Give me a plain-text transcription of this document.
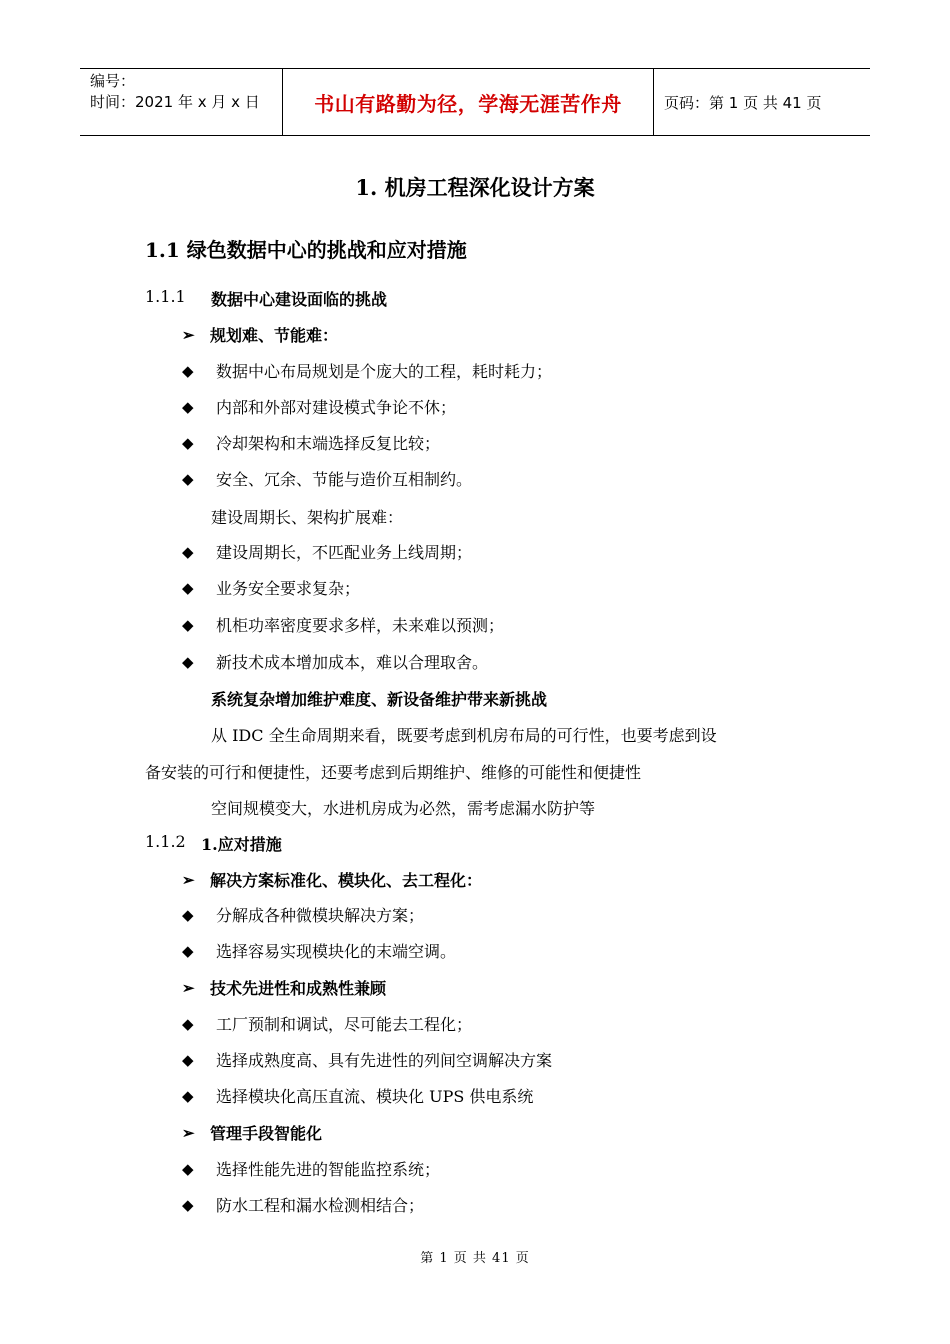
编号：
时间：2021 年 x 月 x 日	书山有路勤为径，学海无涯苦作舟	页码：第 1 页 共 41 页
1. 机房工程深化设计方案
1.1 绿色数据中心的挑战和应对措施
1.1.1	数据中心建设面临的挑战
➢ 规划难、节能难：
◆	数据中心布局规划是个庞大的工程，耗时耗力；
◆	内部和外部对建设模式争论不休；
◆	冷却架构和末端选择反复比较；
◆	安全、冗余、节能与造价互相制约。
建设周期长、架构扩展难：
◆	建设周期长，不匹配业务上线周期；
◆	业务安全要求复杂；
◆	机柜功率密度要求多样，未来难以预测；
◆	新技术成本增加成本，难以合理取舍。
系统复杂增加维护难度、新设备维护带来新挑战
从 IDC 全生命周期来看，既要考虑到机房布局的可行性，也要考虑到设
备安装的可行和便捷性，还要考虑到后期维护、维修的可能性和便捷性
空间规模变大，水进机房成为必然，需考虑漏水防护等
1.1.2 1.应对措施
➢ 解决方案标准化、模块化、去工程化：
◆	分解成各种微模块解决方案；
◆	选择容易实现模块化的末端空调。
➢ 技术先进性和成熟性兼顾
◆	工厂预制和调试，尽可能去工程化；
◆	选择成熟度高、具有先进性的列间空调解决方案
◆	选择模块化高压直流、模块化 UPS 供电系统
➢ 管理手段智能化
◆	选择性能先进的智能监控系统；
◆	防水工程和漏水检测相结合；
第 1 页 共 41 页
